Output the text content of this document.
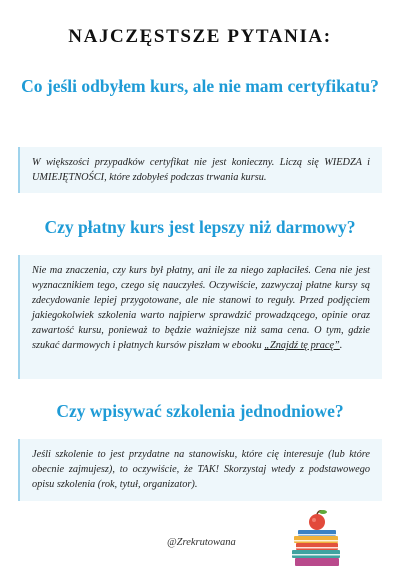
NAJCZĘSTSZE PYTANIA:
Co jeśli odbyłem kurs, ale nie mam certyfikatu?

W większości przypadków certyfikat nie jest konieczny. Liczą się WIEDZA i UMIEJĘTNOŚCI, które zdobyłeś podczas trwania kursu.

Czy płatny kurs jest lepszy niż darmowy?

Nie ma znaczenia, czy kurs był płatny, ani ile za niego zapłaciłeś. Cena nie jest wyznacznikiem tego, czego się nauczyłeś. Oczywiście, zazwyczaj płatne kursy są zdecydowanie lepiej przygotowane, ale nie stanowi to reguły. Przed podjęciem jakiegokolwiek szkolenia warto najpierw sprawdzić prowadzącego, opinie oraz zawartość kursu, ponieważ to będzie ważniejsze niż sama cena. O tym, gdzie szukać darmowych i płatnych kursów piszłam w ebooku „Znajdź tę pracę”.

Czy wpisywać szkolenia jednodniowe?

Jeśli szkolenie to jest przydatne na stanowisku, które cię interesuje (lub które obecnie zajmujesz), to oczywiście, że TAK! Skorzystaj wtedy z podstawowego opisu szkolenia (rok, tytuł, organizator).

@Zrekrutowana
